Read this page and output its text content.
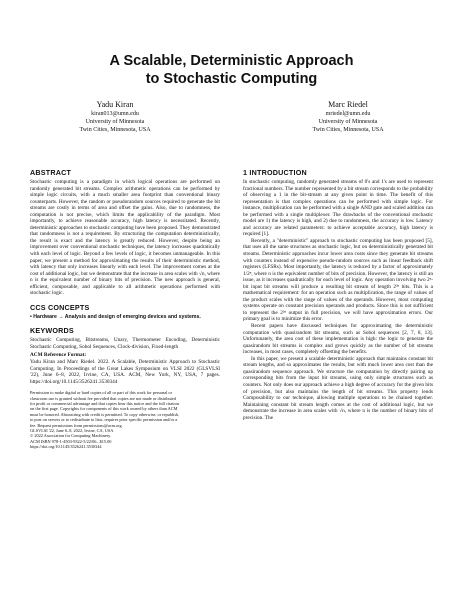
A Scalable, Deterministic Approach
to Stochastic Computing
Yadu Kiran
kiran013@umn.edu
University of Minnesota
Twin Cities, Minnesota, USA
Marc Riedel
mriedel@umn.edu
University of Minnesota
Twin Cities, Minnesota, USA
ABSTRACT

Stochastic computing is a paradigm in which logical operations are performed on randomly generated bit streams. Complex arithmetic operations can be performed by simple logic circuits, with a much smaller area footprint than conventional binary counterparts. However, the random or pseudorandom sources required to generate the bit streams are costly in terms of area and offset the gains. Also, due to randomness, the computation is not precise, which limits the applicability of the paradigm. Most importantly, to achieve reasonable accuracy, high latency is necessitated. Recently, deterministic approaches to stochastic computing have been proposed. They demonstrated that randomness is not a requirement. By structuring the computation deterministically, the result is exact and the latency is greatly reduced. However, despite being an improvement over conventional stochastic techniques, the latency increases quadratically with each level of logic. Beyond a few levels of logic, it becomes unmanageable. In this paper, we present a method for approximating the results of their deterministic method, with latency that only increases linearly with each level. The improvement comes at the cost of additional logic, but we demonstrate that the increase in area scales with √n, where n is the equivalent number of binary bits of precision. The new approach is general, efficient, composable, and applicable to all arithmetic operations performed with stochastic logic.

CCS CONCEPTS

• Hardware → Analysis and design of emerging devices and systems.

KEYWORDS

Stochastic Computing, Bitstreams, Unary, Thermometer Encoding, Deterministic Stochastic Computing, Sobol Sequences, Clock-division, Fixed-length

ACM Reference Format:

Yadu Kiran and Marc Riedel. 2022. A Scalable, Deterministic Approach to Stochastic Computing. In Proceedings of the Great Lakes Symposium on VLSI 2022 (GLSVLSI '22), June 6–8, 2022, Irvine, CA, USA. ACM, New York, NY, USA, 7 pages. https://doi.org/10.1145/3526241.3530344

Permission to make digital or hard copies of all or part of this work for personal or
classroom use is granted without fee provided that copies are not made or distributed
for profit or commercial advantage and that copies bear this notice and the full citation
on the first page. Copyrights for components of this work owned by others than ACM
must be honored. Abstracting with credit is permitted. To copy otherwise, or republish,
to post on servers or to redistribute to lists, requires prior specific permission and/or a
fee. Request permissions from permissions@acm.org.
GLSVLSI '22, June 6–8, 2022, Irvine, CA, USA
© 2022 Association for Computing Machinery.
ACM ISBN 978-1-4503-9322-5/22/06...$15.00
https://doi.org/10.1145/3526241.3530344
1 INTRODUCTION

In stochastic computing, randomly generated streams of 0's and 1's are used to represent fractional numbers. The number represented by a bit stream corresponds to the probability of observing a 1 in the bit-stream at any given point in time. The benefit of this representation is that complex operations can be performed with simple logic. For instance, multiplication can be performed with a single AND gate and scaled addition can be performed with a single multiplexer. The drawbacks of the conventional stochastic model are 1) the latency is high, and 2) due to randomness, the accuracy is low. Latency and accuracy are related parameters: to achieve acceptable accuracy, high latency is required [1].

Recently, a "deterministic" approach to stochastic computing has been proposed [5], that uses all the same structures as stochastic logic, but on deterministically generated bit streams. Deterministic approaches incur lower area costs since they generate bit streams with counters instead of expensive pseudo-random sources such as linear feedback shift registers (LFSRs). Most importantly, the latency is reduced by a factor of approximately 1/2ⁿ, where n is the equivalent number of bits of precision. However, the latency is still an issue, as it increases quadratically for each level of logic. Any operation involving two 2ⁿ-bit input bit streams will produce a resulting bit stream of length 2²ⁿ bits. This is a mathematical requirement: for an operation such as multiplication, the range of values of the product scales with the range of values of the operands. However, most computing systems operate on constant precision operands and products. Since this is not sufficient to represent the 2²ⁿ output in full precision, we will have approximation errors. Our primary goal is to minimize this error.

Recent papers have discussed techniques for approximating the deterministic computation with quasirandom bit streams, such as Sobol sequences [2, 7, 8, 13]. Unfortunately, the area cost of these implementation is high: the logic to generate the quasirandom bit streams is complex and grows quickly as the number of bit streams increases, in most cases, completely offsetting the benefits.

In this paper, we present a scalable deterministic approach that maintains constant bit stream lengths, and so approximates the results, but with much lower area cost than the quasirandom sequence approach. We structure the computation by directly pairing up corresponding bits from the input bit streams, using only simple structures such as counters. Not only does our approach achieve a high degree of accuracy for the given bits of precision, but also maintains the length of bit streams. This property lends Composability to our technique, allowing multiple operations to be chained together. Maintaining constant bit stream length comes at the cost of additional logic, but we demonstrate the increase in area scales with √n, where n is the number of binary bits of precision. The
